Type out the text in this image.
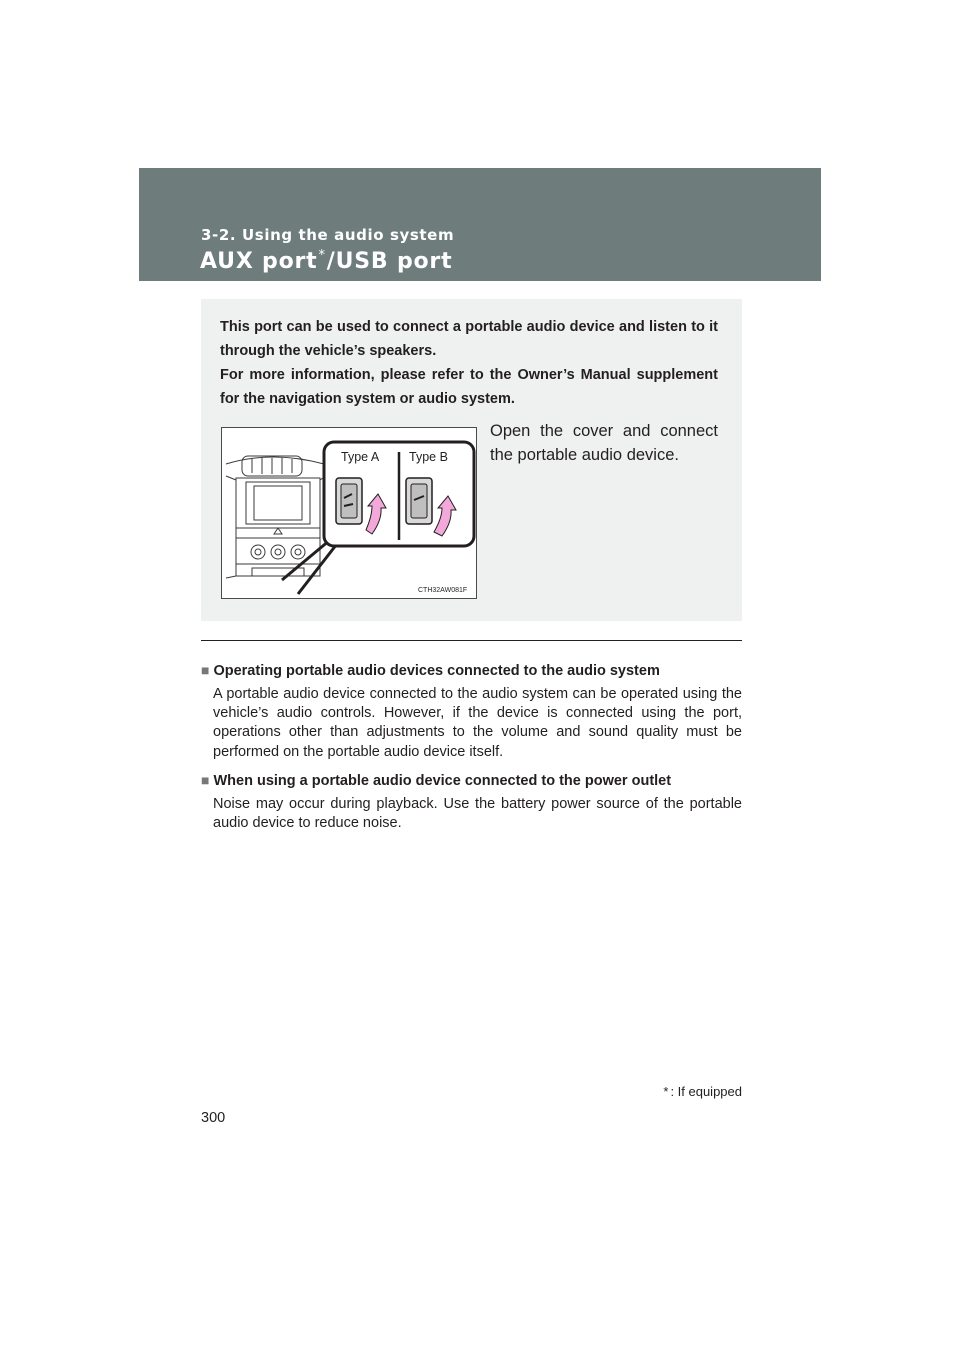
3-2. Using the audio system
AUX port*/USB port

This port can be used to connect a portable audio device and listen to it through the vehicle’s speakers.

For more information, please refer to the Owner’s Manual supplement for the navigation system or audio system.

Open the cover and connect the portable audio device.
Type A Type B
CTH32AW081F
■ Operating portable audio devices connected to the audio system
A portable audio device connected to the audio system can be operated using the vehicle’s audio controls. However, if the device is connected using the port, operations other than adjustments to the volume and sound quality must be performed on the portable audio device itself.
■ When using a portable audio device connected to the power outlet
Noise may occur during playback. Use the battery power source of the portable audio device to reduce noise.
* : If equipped
300
